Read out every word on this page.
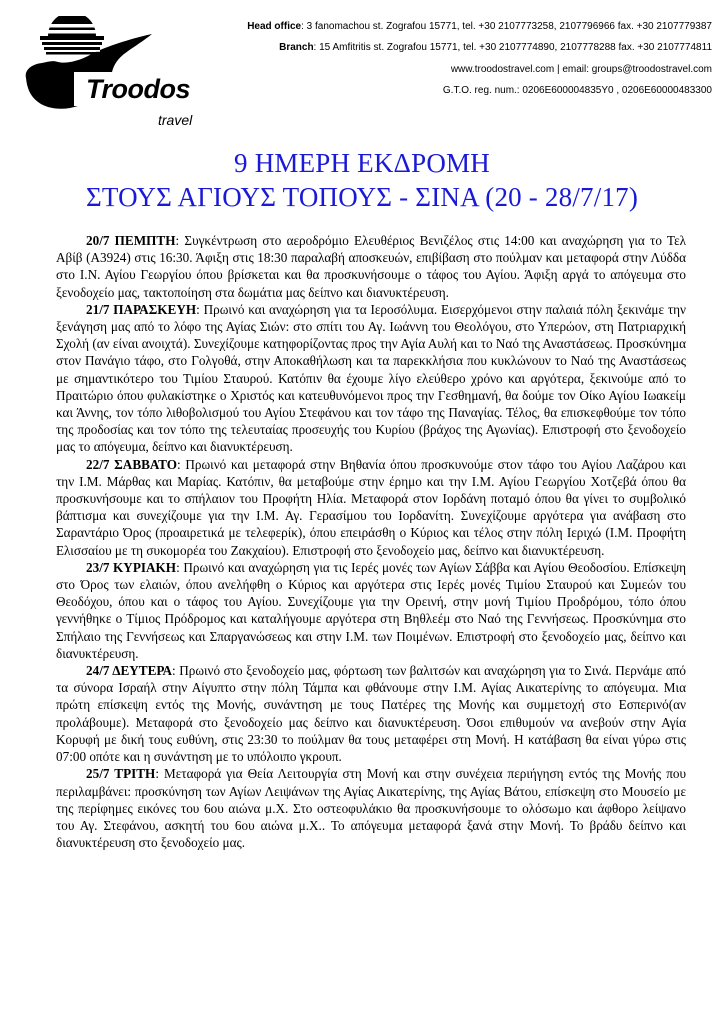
Troodos
travel
Head office: 3 fanomachou st. Zografou 15771, tel. +30 2107773258, 2107796966 fax. +30 2107779387
Branch: 15 Amfitritis st. Zografou 15771, tel. +30 2107774890, 2107778288 fax. +30 2107774811
www.troodostravel.com | email: groups@troodostravel.com
G.T.O. reg. num.: 0206E600004835Y0 , 0206E60000483300
9 ΗΜΕΡΗ ΕΚΔΡΟΜΗ
ΣΤΟΥΣ ΑΓΙΟΥΣ ΤΟΠΟΥΣ - ΣΙΝΑ (20 - 28/7/17)

20/7 ΠΕΜΠΤΗ: Συγκέντρωση στο αεροδρόμιο Ελευθέριος Βενιζέλος στις 14:00 και αναχώρηση για το Τελ Αβίβ (Α3924) στις 16:30. Άφιξη στις 18:30 παραλαβή αποσκευών, επιβίβαση στο πούλμαν και μεταφορά στην Λύδδα στο Ι.Ν. Αγίου Γεωργίου όπου βρίσκεται και θα προσκυνήσουμε ο τάφος του Αγίου. Άφιξη αργά το απόγευμα στο ξενοδοχείο μας, τακτοποίηση στα δωμάτια μας δείπνο και διανυκτέρευση.

21/7 ΠΑΡΑΣΚΕΥΗ: Πρωινό και αναχώρηση για τα Ιεροσόλυμα. Εισερχόμενοι στην παλαιά πόλη ξεκινάμε την ξενάγηση μας από το λόφο της Αγίας Σιών: στο σπίτι του Αγ. Ιωάννη του Θεολόγου, στο Υπερώον, στη Πατριαρχική Σχολή (αν είναι ανοιχτά). Συνεχίζουμε κατηφορίζοντας προς την Αγία Αυλή και το Ναό της Αναστάσεως. Προσκύνημα στον Πανάγιο τάφο, στο Γολγοθά, στην Αποκαθήλωση και τα παρεκκλήσια που κυκλώνουν το Ναό της Αναστάσεως με σημαντικότερο του Τιμίου Σταυρού. Κατόπιν θα έχουμε λίγο ελεύθερο χρόνο και αργότερα, ξεκινούμε από το Πραιτώριο όπου φυλακίστηκε ο Χριστός και κατευθυνόμενοι προς την Γεσθημανή, θα δούμε τον Οίκο Αγίου Ιωακείμ και Άννης, τον τόπο λιθοβολισμού του Αγίου Στεφάνου και τον τάφο της Παναγίας. Τέλος, θα επισκεφθούμε τον τόπο της προδοσίας και τον τόπο της τελευταίας προσευχής του Κυρίου (βράχος της Αγωνίας). Επιστροφή στο ξενοδοχείο μας το απόγευμα, δείπνο και διανυκτέρευση.

22/7 ΣΑΒΒΑΤΟ: Πρωινό και μεταφορά στην Βηθανία όπου προσκυνούμε στον τάφο του Αγίου Λαζάρου και την Ι.Μ. Μάρθας και Μαρίας. Κατόπιν, θα μεταβούμε στην έρημο και την Ι.Μ. Αγίου Γεωργίου Χοτζεβά όπου θα προσκυνήσουμε και το σπήλαιον του Προφήτη Ηλία. Μεταφορά στον Ιορδάνη ποταμό όπου θα γίνει το συμβολικό βάπτισμα και συνεχίζουμε για την Ι.Μ. Αγ. Γερασίμου του Ιορδανίτη. Συνεχίζουμε αργότερα για ανάβαση στο Σαραντάριο Όρος (προαιρετικά με τελεφερίκ), όπου επειράσθη ο Κύριος και τέλος στην πόλη Ιεριχώ (Ι.Μ. Προφήτη Ελισσαίου με τη συκομορέα του Ζακχαίου). Επιστροφή στο ξενοδοχείο μας, δείπνο και διανυκτέρευση.

23/7 ΚΥΡΙΑΚΗ: Πρωινό και αναχώρηση για τις Ιερές μονές των Αγίων Σάββα και Αγίου Θεοδοσίου. Επίσκεψη στο Όρος των ελαιών, όπου ανελήφθη ο Κύριος και αργότερα στις Ιερές μονές Τιμίου Σταυρού και Συμεών του Θεοδόχου, όπου και ο τάφος του Αγίου. Συνεχίζουμε για την Ορεινή, στην μονή Τιμίου Προδρόμου, τόπο όπου γεννήθηκε ο Τίμιος Πρόδρομος και καταλήγουμε αργότερα στη Βηθλεέμ στο Ναό της Γεννήσεως. Προσκύνημα στο Σπήλαιο της Γεννήσεως και Σπαργανώσεως και στην Ι.Μ. των Ποιμένων. Επιστροφή στο ξενοδοχείο μας, δείπνο και διανυκτέρευση.

24/7 ΔΕΥΤΕΡΑ: Πρωινό στο ξενοδοχείο μας, φόρτωση των βαλιτσών και αναχώρηση για το Σινά. Περνάμε από τα σύνορα Ισραήλ στην Αίγυπτο στην πόλη Τάμπα και φθάνουμε στην Ι.Μ. Αγίας Αικατερίνης το απόγευμα. Μια πρώτη επίσκεψη εντός της Μονής, συνάντηση με τους Πατέρες της Μονής και συμμετοχή στο Εσπερινό(αν προλάβουμε). Μεταφορά στο ξενοδοχείο μας δείπνο και διανυκτέρευση. Όσοι επιθυμούν να ανεβούν στην Αγία Κορυφή με δική τους ευθύνη, στις 23:30 το πούλμαν θα τους μεταφέρει στη Μονή. Η κατάβαση θα είναι γύρω στις 07:00 οπότε και η συνάντηση με το υπόλοιπο γκρουπ.

25/7 ΤΡΙΤΗ: Μεταφορά για Θεία Λειτουργία στη Μονή και στην συνέχεια περιήγηση εντός της Μονής που περιλαμβάνει: προσκύνηση των Αγίων Λειψάνων της Αγίας Αικατερίνης, της Αγίας Βάτου, επίσκεψη στο Μουσείο με της περίφημες εικόνες του 6ου αιώνα μ.Χ. Στο οστεοφυλάκιο θα προσκυνήσουμε το ολόσωμο και άφθορο λείψανο του Αγ. Στεφάνου, ασκητή του 6ου αιώνα μ.Χ.. Το απόγευμα μεταφορά ξανά στην Μονή. Το βράδυ δείπνο και διανυκτέρευση στο ξενοδοχείο μας.
